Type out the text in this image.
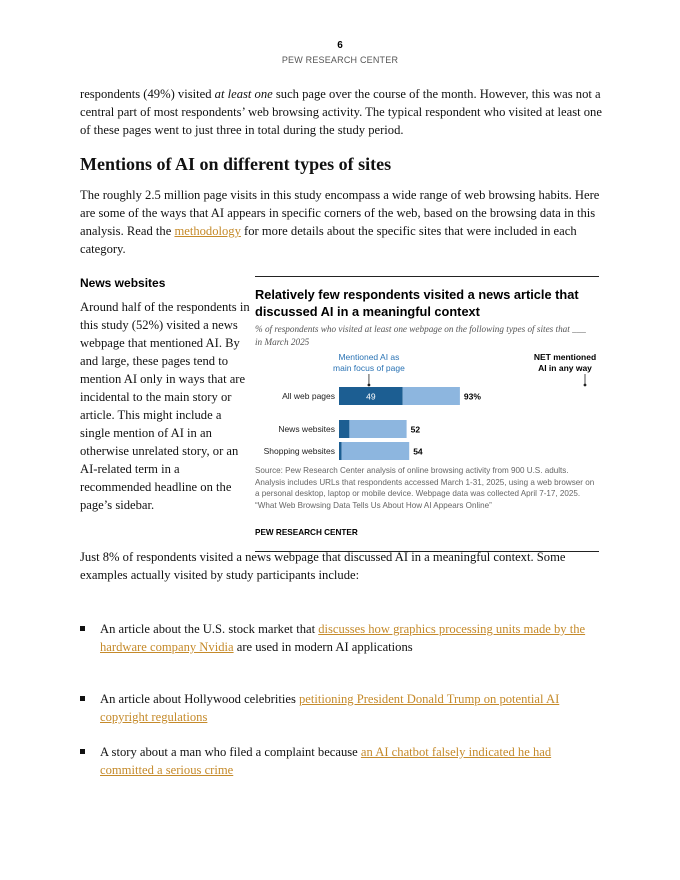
6
PEW RESEARCH CENTER

respondents (49%) visited at least one such page over the course of the month. However, this was not a central part of most respondents’ web browsing activity. The typical respondent who visited at least one of these pages went to just three in total during the study period.

Mentions of AI on different types of sites

The roughly 2.5 million page visits in this study encompass a wide range of web browsing habits. Here are some of the ways that AI appears in specific corners of the web, based on the browsing data in this analysis. Read the methodology for more details about the specific sites that were included in each category.

News websites
Around half of the respondents in this study (52%) visited a news webpage that mentioned AI. By and large, these pages tend to mention AI only in ways that are incidental to the main story or article. This might include a single mention of AI in an otherwise unrelated story, or an AI-related term in a recommended headline on the page’s sidebar.
Relatively few respondents visited a news article that discussed AI in a meaningful context
% of respondents who visited at least one webpage on the following types of sites that ___ in March 2025
Mentioned AI as
main focus of page
NET mentioned
AI in any way
All web pages	49	93%
News websites	52
Shopping websites	54
Source: Pew Research Center analysis of online browsing activity from 900 U.S. adults. Analysis includes URLs that respondents accessed March 1-31, 2025, using a web browser on a personal desktop, laptop or mobile device. Webpage data was collected April 7-17, 2025.
“What Web Browsing Data Tells Us About How AI Appears Online”
PEW RESEARCH CENTER

Just 8% of respondents visited a news webpage that discussed AI in a meaningful context. Some examples actually visited by study participants include:

An article about the U.S. stock market that discusses how graphics processing units made by the hardware company Nvidia are used in modern AI applications
An article about Hollywood celebrities petitioning President Donald Trump on potential AI copyright regulations
A story about a man who filed a complaint because an AI chatbot falsely indicated he had committed a serious crime
